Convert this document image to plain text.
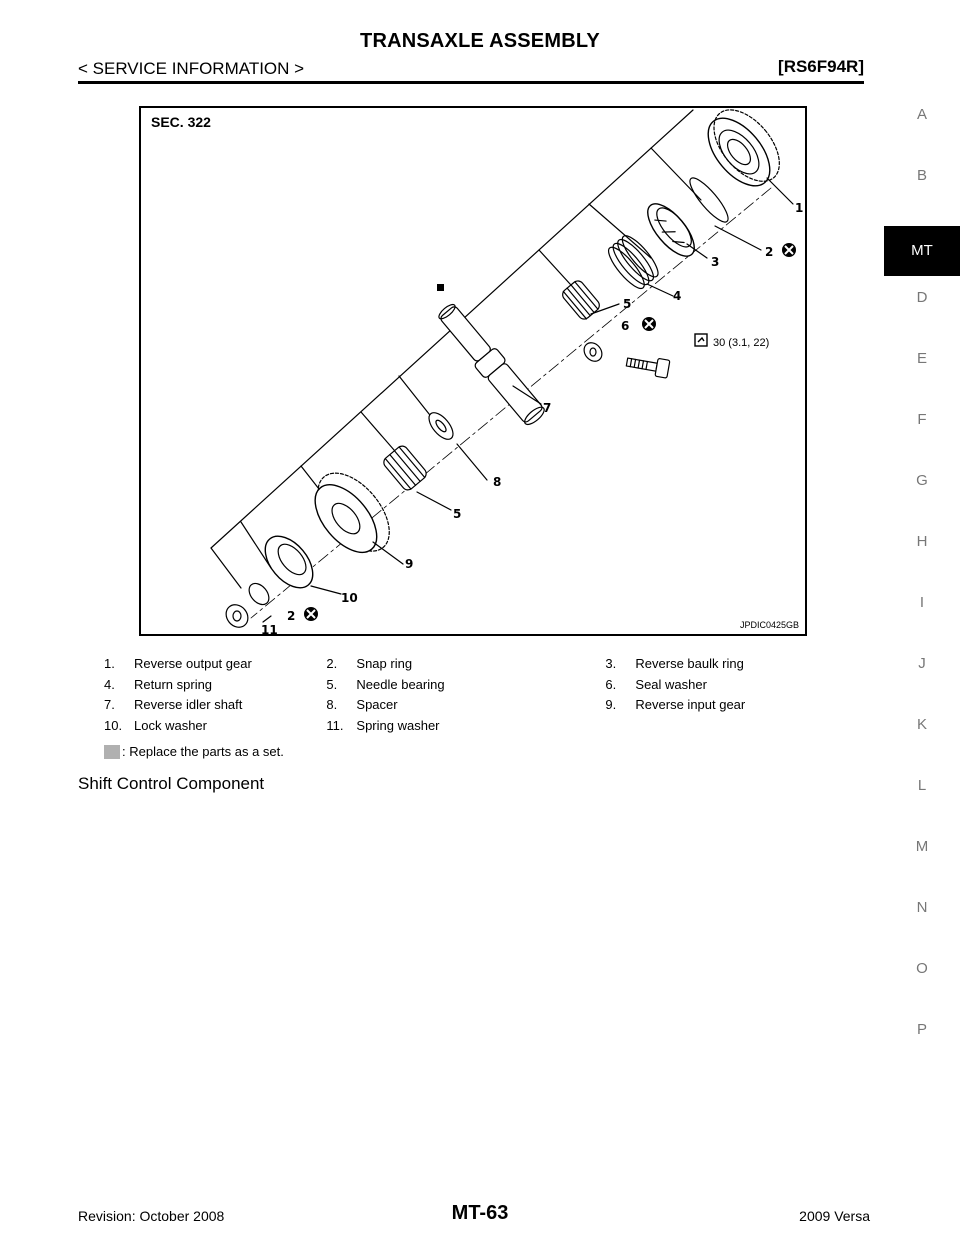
TRANSAXLE ASSEMBLY
< SERVICE INFORMATION >	[RS6F94R]
A
B
MT
D
E
F
G
H
I
J
K
L
M
N
O
P
SEC. 322
1
2
3
4
5
6
7
8
5
9
10
2
11
30 (3.1, 22)
JPDIC0425GB
1.	Reverse output gear	2.	Snap ring	3.	Reverse baulk ring
4.	Return spring	5.	Needle bearing	6.	Seal washer
7.	Reverse idler shaft	8.	Spacer	9.	Reverse input gear
10. Lock washer	11. Spring washer
: Replace the parts as a set.
Shift Control Component
Revision: October 2008	MT-63	2009 Versa
